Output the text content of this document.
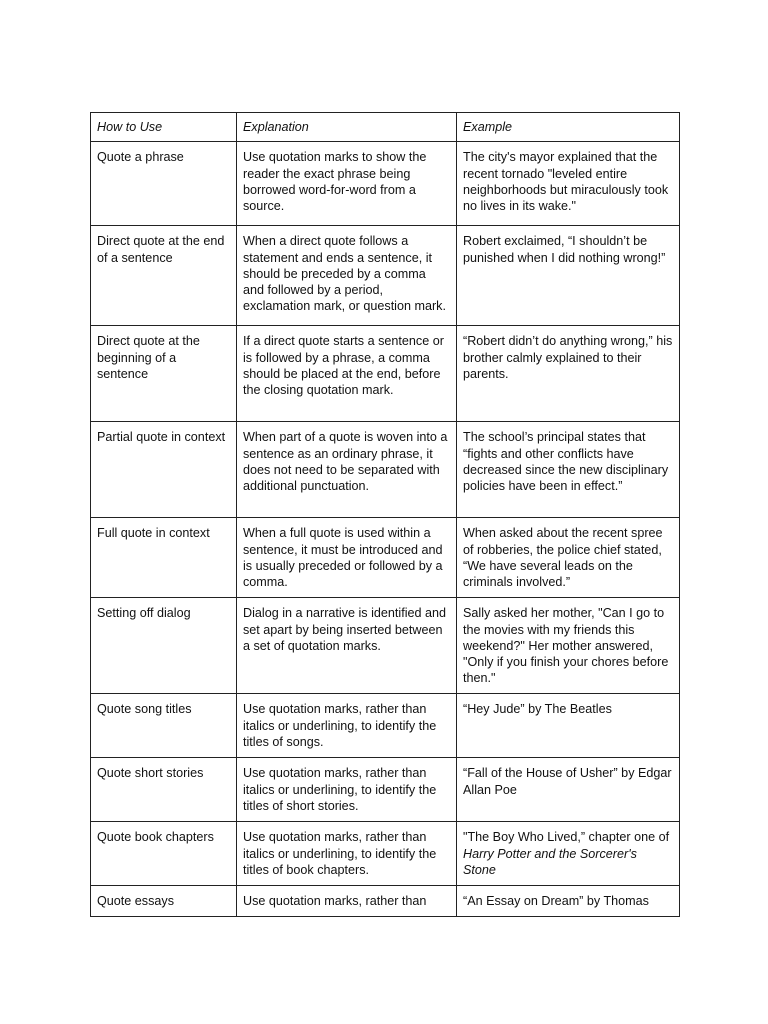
How to Use	Explanation	Example
Quote a phrase	Use quotation marks to show the reader the exact phrase being borrowed word-for-word from a source.	The city's mayor explained that the recent tornado "leveled entire neighborhoods but miraculously took no lives in its wake."
Direct quote at the end of a sentence	When a direct quote follows a statement and ends a sentence, it should be preceded by a comma and followed by a period, exclamation mark, or question mark.	Robert exclaimed, “I shouldn’t be punished when I did nothing wrong!”
Direct quote at the beginning of a sentence	If a direct quote starts a sentence or is followed by a phrase, a comma should be placed at the end, before the closing quotation mark.	“Robert didn’t do anything wrong,” his brother calmly explained to their parents.
Partial quote in context	When part of a quote is woven into a sentence as an ordinary phrase, it does not need to be separated with additional punctuation.	The school’s principal states that “fights and other conflicts have decreased since the new disciplinary policies have been in effect.”
Full quote in context	When a full quote is used within a sentence, it must be introduced and is usually preceded or followed by a comma.	When asked about the recent spree of robberies, the police chief stated, “We have several leads on the criminals involved.”
Setting off dialog	Dialog in a narrative is identified and set apart by being inserted between a set of quotation marks.	Sally asked her mother, "Can I go to the movies with my friends this weekend?" Her mother answered, "Only if you finish your chores before then."
Quote song titles	Use quotation marks, rather than italics or underlining, to identify the titles of songs.	“Hey Jude” by The Beatles
Quote short stories	Use quotation marks, rather than italics or underlining, to identify the titles of short stories.	“Fall of the House of Usher” by Edgar Allan Poe
Quote book chapters	Use quotation marks, rather than italics or underlining, to identify the titles of book chapters.	"The Boy Who Lived,” chapter one of Harry Potter and the Sorcerer's Stone
Quote essays	Use quotation marks, rather than	“An Essay on Dream” by Thomas
